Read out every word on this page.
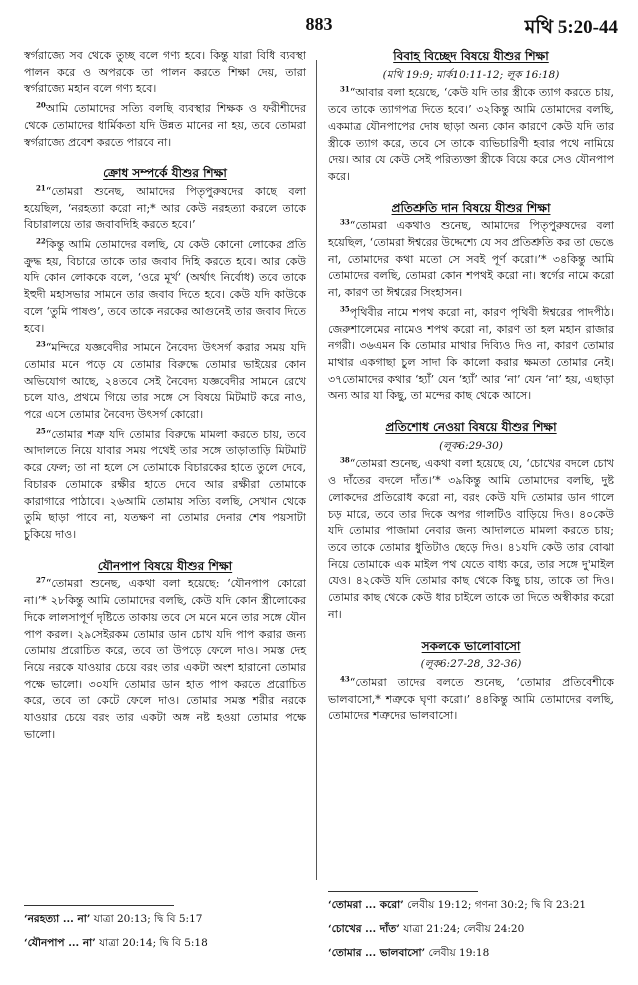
883	মথি 5:20-44

স্বর্গরাজ্যে সব থেকে তুচ্ছ বলে গণ্য হবে। কিন্তু যারা বিধি ব্যবস্থা পালন করে ও অপরকে তা পালন করতে শিক্ষা দেয়, তারা স্বর্গরাজ্যে মহান বলে গণ্য হবে।

$^{20}$আমি তোমাদের সত্যি বলছি ব্যবস্থার শিক্ষক ও ফরীশীদের থেকে তোমাদের ধার্মিকতা যদি উন্নত মানের না হয়, তবে তোমরা স্বর্গরাজ্যে প্রবেশ করতে পারবে না।

ক্রোধ সম্পর্কে যীশুর শিক্ষা

$^{21}$“তোমরা শুনেছ, আমাদের পিতৃপুরুষদের কাছে বলা হয়েছিল, ‘নরহত্যা করো না;* আর কেউ নরহত্যা করলে তাকে বিচারালয়ে তার জবাবদিহি করতে হবে।’

$^{22}$কিন্তু আমি তোমাদের বলছি, যে কেউ কোনো লোকের প্রতি ক্রুদ্ধ হয়, বিচারে তাকে তার জবাব দিহি করতে হবে। আর কেউ যদি কোন লোককে বলে, ‘ওরে মূর্খ’ (অর্থাৎ নির্বোধ) তবে তাকে ইহুদী মহাসভার সামনে তার জবাব দিতে হবে। কেউ যদি কাউকে বলে ‘তুমি পাষণ্ড’, তবে তাকে নরকের আগুনেই তার জবাব দিতে হবে।

$^{23}$“মন্দিরে যজ্ঞবেদীর সামনে নৈবেদ্য উৎসর্গ করার সময় যদি তোমার মনে পড়ে যে তোমার বিরুদ্ধে তোমার ভাইয়ের কোন অভিযোগ আছে, ২৪তবে সেই নৈবেদ্য যজ্ঞবেদীর সামনে রেখে চলে যাও, প্রথমে গিয়ে তার সঙ্গে সে বিষয়ে মিটমাট করে নাও, পরে এসে তোমার নৈবেদ্য উৎসর্গ কোরো।

$^{25}$“তোমার শত্রু যদি তোমার বিরুদ্ধে মামলা করতে চায়, তবে আদালতে নিয়ে যাবার সময় পথেই তার সঙ্গে তাড়াতাড়ি মিটমাট করে ফেল; তা না হলে সে তোমাকে বিচারকের হাতে তুলে দেবে, বিচারক তোমাকে রক্ষীর হাতে দেবে আর রক্ষীরা তোমাকে কারাগারে পাঠাবে। ২৬আমি তোমায় সত্যি বলছি, সেখান থেকে তুমি ছাড়া পাবে না, যতক্ষণ না তোমার দেনার শেষ পয়সাটা চুকিয়ে দাও।

যৌনপাপ বিষয়ে যীশুর শিক্ষা

$^{27}$“তোমরা শুনেছ, একথা বলা হয়েছে: ‘যৌনপাপ কোরো না।’* ২৮কিন্তু আমি তোমাদের বলছি, কেউ যদি কোন স্ত্রীলোকের দিকে লালসাপূর্ণ দৃষ্টিতে তাকায় তবে সে মনে মনে তার সঙ্গে যৌন পাপ করল। ২৯সেইরকম তোমার ডান চোখ যদি পাপ করার জন্য তোমায় প্ররোচিত করে, তবে তা উপড়ে ফেলে দাও। সমস্ত দেহ নিয়ে নরকে যাওয়ার চেয়ে বরং তার একটা অংশ হারানো তোমার পক্ষে ভালো। ৩০যদি তোমার ডান হাত পাপ করতে প্ররোচিত করে, তবে তা কেটে ফেলে দাও। তোমার সমস্ত শরীর নরকে যাওয়ার চেয়ে বরং তার একটা অঙ্গ নষ্ট হওয়া তোমার পক্ষে ভালো।

বিবাহ বিচ্ছেদ বিষয়ে যীশুর শিক্ষা
(মথি 19:9; মার্ক10:11-12; লূক 16:18)

$^{31}$“আবার বলা হয়েছে, ‘কেউ যদি তার স্ত্রীকে ত্যাগ করতে চায়, তবে তাকে ত্যাগপত্র দিতে হবে।’ ৩২কিন্তু আমি তোমাদের বলছি, একমাত্র যৌনপাপের দোষ ছাড়া অন্য কোন কারণে কেউ যদি তার স্ত্রীকে ত্যাগ করে, তবে সে তাকে ব্যভিচারিণী হবার পথে নামিয়ে দেয়। আর যে কেউ সেই পরিত্যক্তা স্ত্রীকে বিয়ে করে সেও যৌনপাপ করে।

প্রতিশ্রুতি দান বিষয়ে যীশুর শিক্ষা

$^{33}$“তোমরা একথাও শুনেছ, আমাদের পিতৃপুরুষদের বলা হয়েছিল, ‘তোমরা ঈশ্বরের উদ্দেশ্যে যে সব প্রতিশ্রুতি কর তা ভেঙে না, তোমাদের কথা মতো সে সবই পূর্ণ করো।’* ৩৪কিন্তু আমি তোমাদের বলছি, তোমরা কোন শপথই করো না। স্বর্গের নামে করো না, কারণ তা ঈশ্বরের সিংহাসন।

$^{35}$পৃথিবীর নামে শপথ করো না, কারণ পৃথিবী ঈশ্বরের পাদপীঠ। জেরুশালেমের নামেও শপথ করো না, কারণ তা হল মহান রাজার নগরী। ৩৬এমন কি তোমার মাথার দিব্যিও দিও না, কারণ তোমার মাথার একগাছা চুল সাদা কি কালো করার ক্ষমতা তোমার নেই। ৩৭তোমাদের কথার ‘হ্যাঁ’ যেন ‘হ্যাঁ’ আর ‘না’ যেন ‘না’ হয়, এছাড়া অন্য আর যা কিছু, তা মন্দের কাছ থেকে আসে।

প্রতিশোধ নেওয়া বিষয়ে যীশুর শিক্ষা
(লূক6:29-30)

$^{38}$“তোমরা শুনেছ, একথা বলা হয়েছে যে, ‘চোখের বদলে চোখ ও দাঁতের বদলে দাঁত।’* ৩৯কিন্তু আমি তোমাদের বলছি, দুষ্ট লোকদের প্রতিরোধ করো না, বরং কেউ যদি তোমার ডান গালে চড় মারে, তবে তার দিকে অপর গালটিও বাড়িয়ে দিও। ৪০কেউ যদি তোমার পাজামা নেবার জন্য আদালতে মামলা করতে চায়; তবে তাকে তোমার ধুতিটাও ছেড়ে দিও। ৪১যদি কেউ তার বোঝা নিয়ে তোমাকে এক মাইল পথ যেতে বাধ্য করে, তার সঙ্গে দু'মাইল যেও। ৪২কেউ যদি তোমার কাছ থেকে কিছু চায়, তাকে তা দিও। তোমার কাছ থেকে কেউ ধার চাইলে তাকে তা দিতে অস্বীকার করো না।

সকলকে ভালোবাসো
(লূক6:27-28, 32-36)

$^{43}$“তোমরা তাদের বলতে শুনেছ, ‘তোমার প্রতিবেশীকে ভালবাসো,* শত্রুকে ঘৃণা করো।’ ৪৪কিন্তু আমি তোমাদের বলছি, তোমাদের শত্রুদের ভালবাসো।

‘নরহত্যা ... না’ যাত্রা 20:13; দ্বি বি 5:17
‘যৌনপাপ ... না’ যাত্রা 20:14; দ্বি বি 5:18
‘তোমরা ... করো’ লেবীয় 19:12; গণনা 30:2; দ্বি বি 23:21
‘চোখের ... দাঁত’ যাত্রা 21:24; লেবীয় 24:20
‘তোমার ... ভালবাসো’ লেবীয় 19:18
